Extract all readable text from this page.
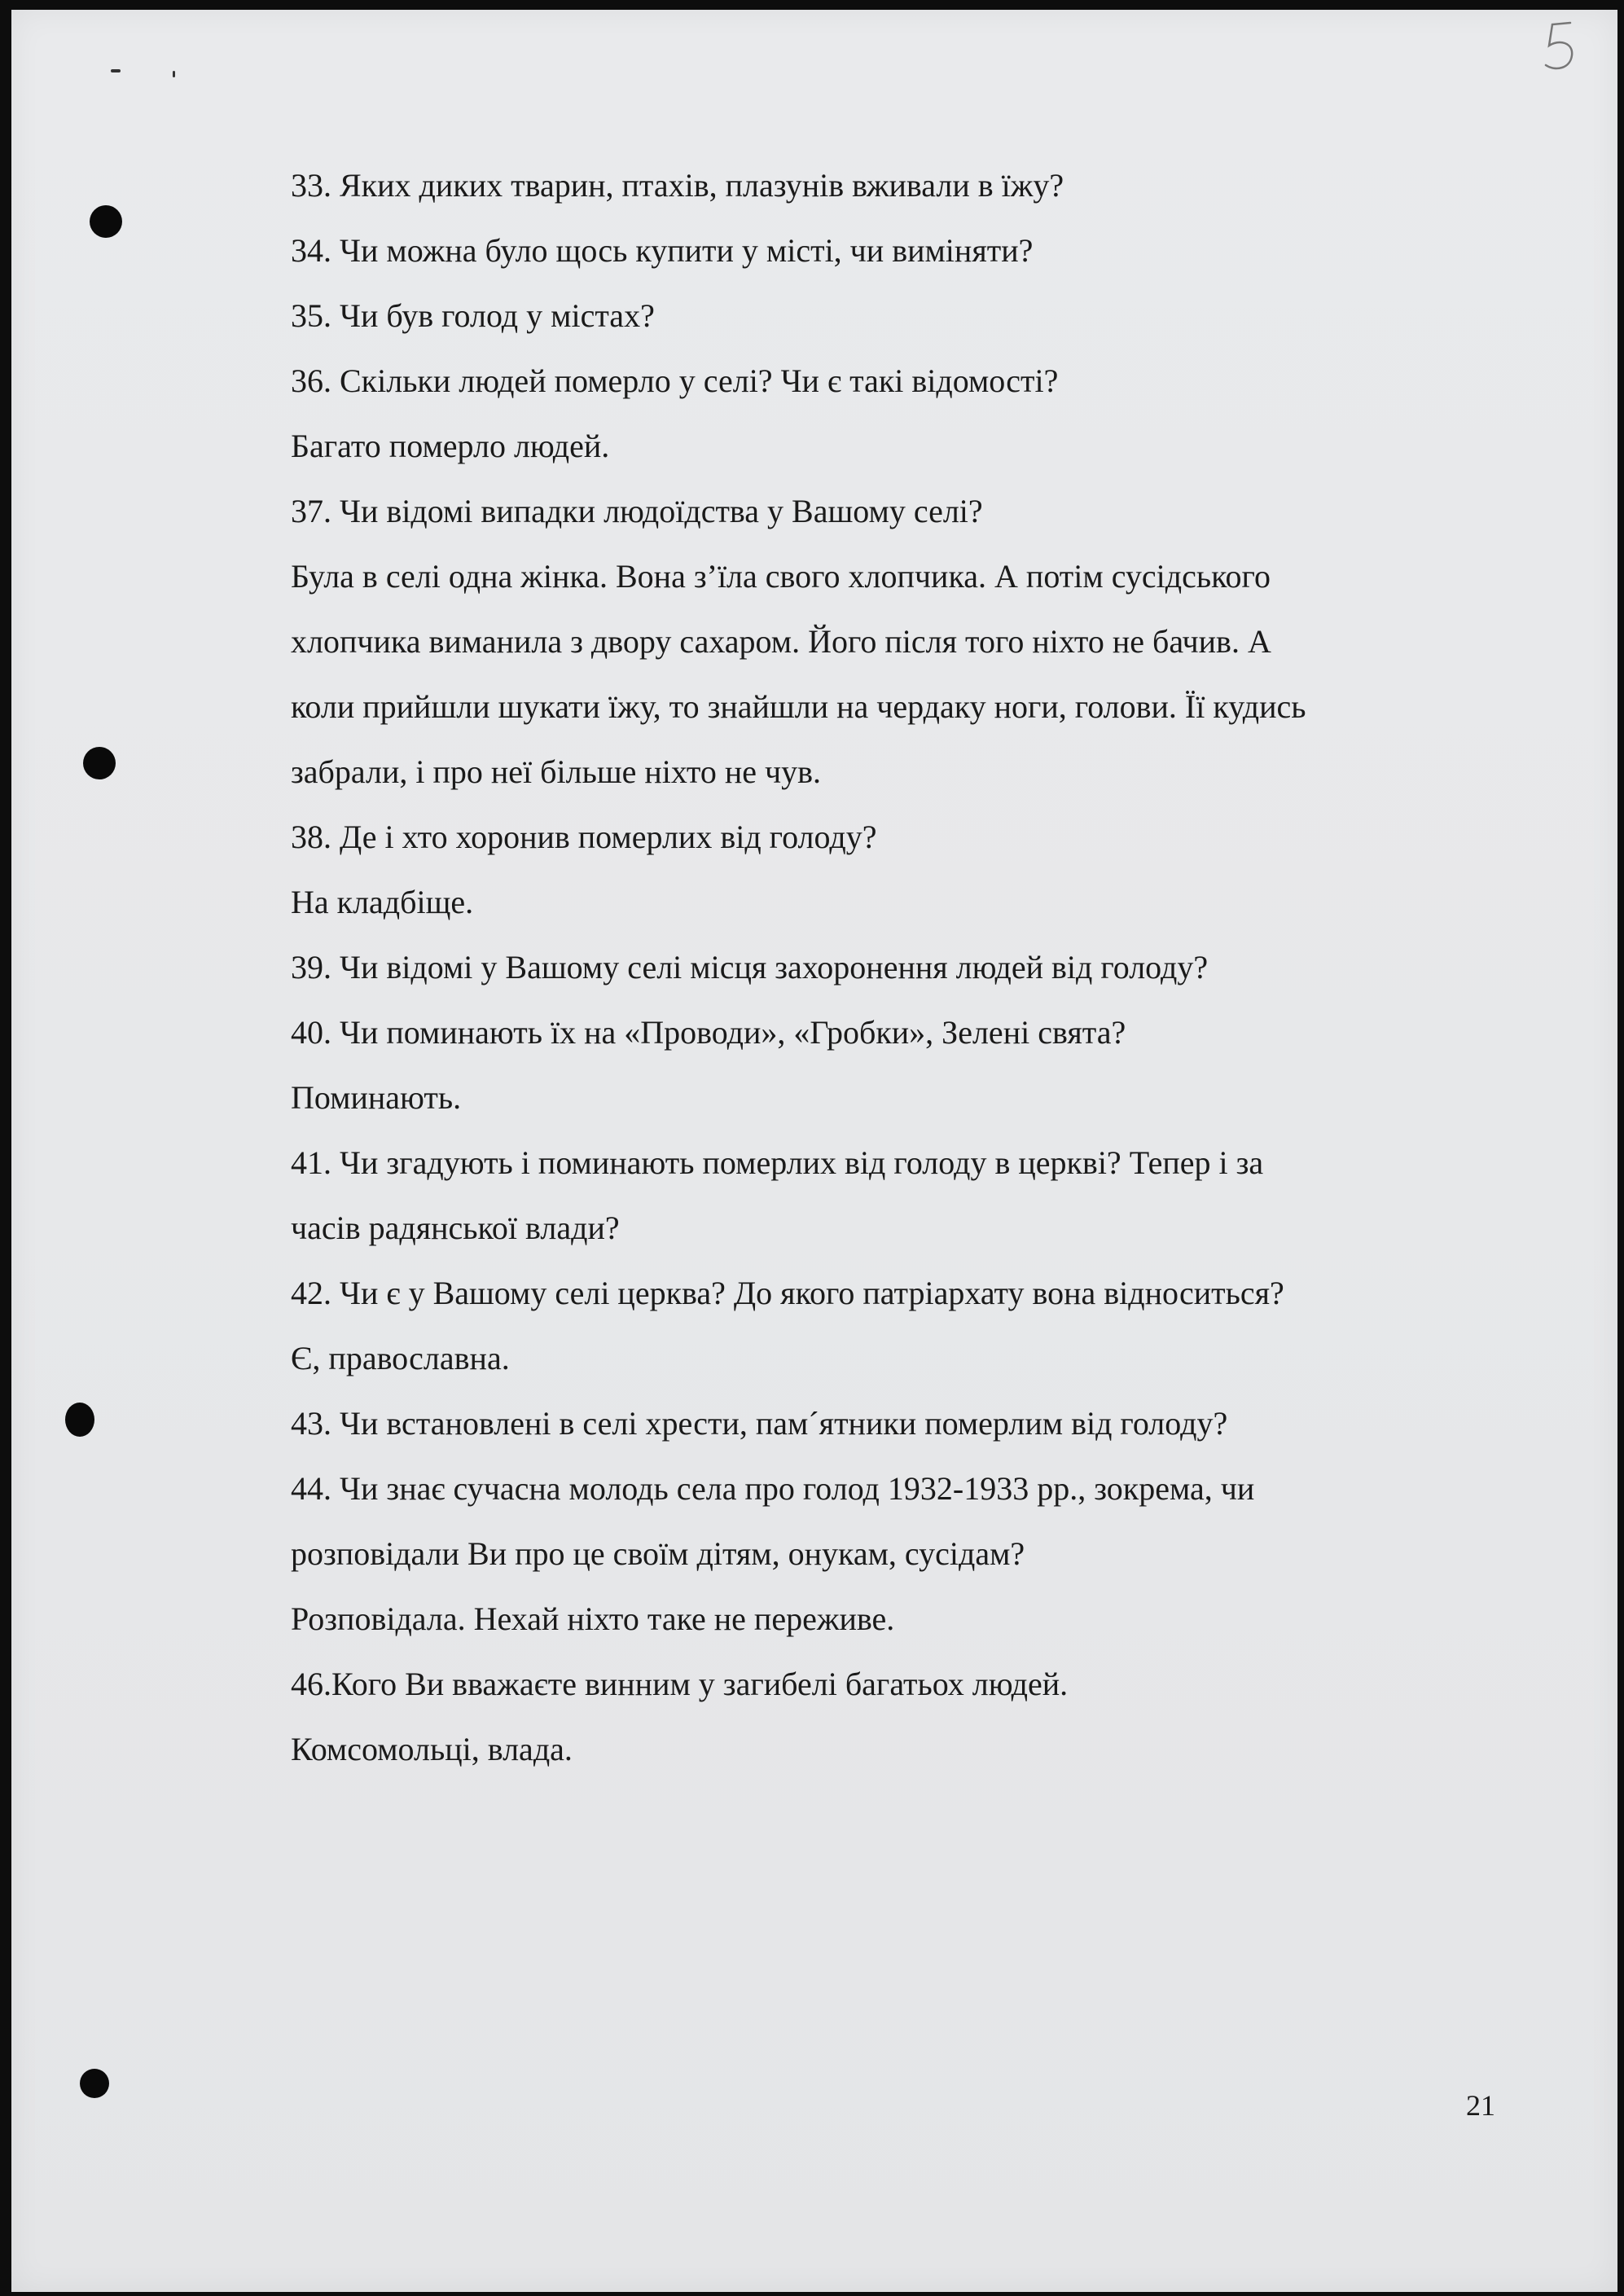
33. Яких диких тварин, птахів, плазунів вживали в їжу?
34. Чи можна було щось купити у місті, чи виміняти?
35. Чи був голод у містах?
36. Скільки людей померло у селі? Чи є такі відомості?
Багато померло людей.
37. Чи відомі випадки людоїдства у Вашому селі?
Була в селі одна жінка. Вона з’їла свого хлопчика. А потім сусідського
хлопчика виманила з двору сахаром. Його після того ніхто не бачив. А
коли прийшли шукати їжу, то знайшли на чердаку ноги, голови. Її кудись
забрали, і про неї більше ніхто не чув.
38. Де і хто хоронив померлих від голоду?
На кладбіще.
39. Чи відомі у Вашому селі місця захоронення людей від голоду?
40. Чи поминають їх на «Проводи», «Гробки», Зелені свята?
Поминають.
41. Чи згадують і поминають померлих від голоду в церкві? Тепер і за
часів радянської влади?
42. Чи є у Вашому селі церква? До якого патріархату вона відноситься?
Є, православна.
43. Чи встановлені в селі хрести, пам´ятники померлим від голоду?
44. Чи знає сучасна молодь села про голод 1932-1933 рр., зокрема, чи
розповідали Ви про це своїм дітям, онукам, сусідам?
Розповідала. Нехай ніхто таке не переживе.
46.Кого Ви вважаєте винним у загибелі багатьох людей.
Комсомольці, влада.
21
